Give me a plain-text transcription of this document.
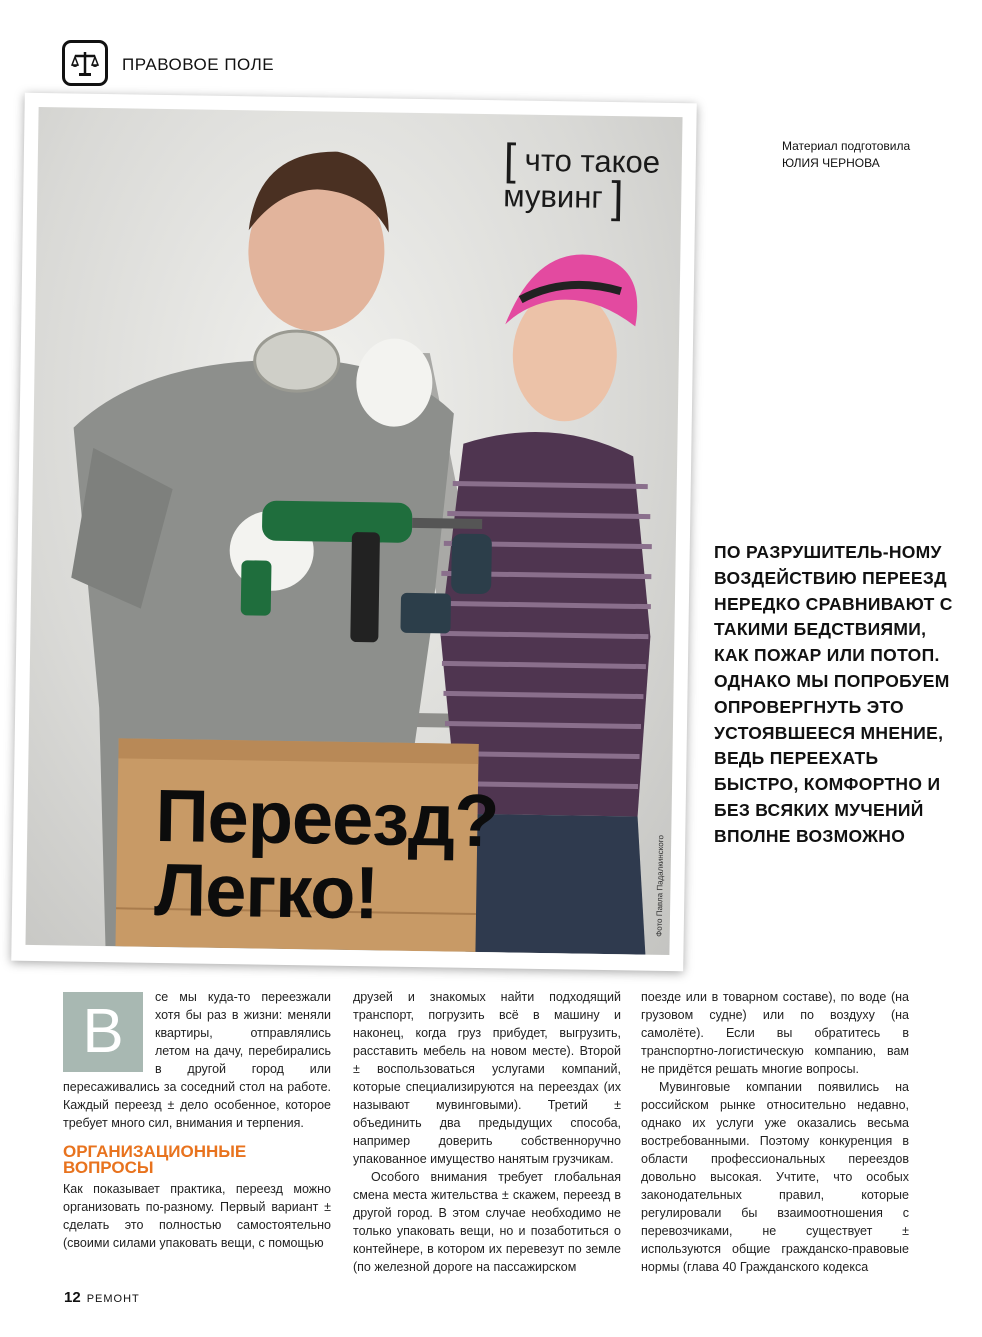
ПРАВОВОЕ ПОЛЕ
Материал подготовила
ЮЛИЯ ЧЕРНОВА
[ что такое
мувинг ]
Переезд?
Легко!	Фото Павла Падалкинского
ПО РАЗРУШИТЕЛЬ-НОМУ ВОЗДЕЙСТВИЮ ПЕРЕЕЗД НЕРЕДКО СРАВНИВАЮТ С ТАКИМИ БЕДСТВИЯМИ, КАК ПОЖАР ИЛИ ПОТОП. ОДНАКО МЫ ПОПРОБУЕМ ОПРОВЕРГНУТЬ ЭТО УСТОЯВШЕЕСЯ МНЕНИЕ, ВЕДЬ ПЕРЕЕХАТЬ БЫСТРО, КОМФОРТНО И БЕЗ ВСЯКИХ МУЧЕНИЙ ВПОЛНЕ ВОЗМОЖНО
В	се мы куда-то переезжали хотя бы раз в жизни: меняли квартиры, отправлялись летом на дачу, перебирались в другой город или пересаживались за соседний стол на работе. Каждый переезд ± дело особенное, которое требует много сил, внимания и терпения.

ОРГАНИЗАЦИОННЫЕ ВОПРОСЫ

Как показывает практика, переезд можно организовать по-разному. Первый вариант ± сделать это полностью самостоятельно (своими силами упаковать вещи, с помощью

друзей и знакомых найти подходящий транспорт, погрузить всё в машину и наконец, когда груз прибудет, выгрузить, расставить мебель на новом месте). Второй ± воспользоваться услугами компаний, которые специализируются на переездах (их называют мувинговыми). Третий ± объединить два предыдущих способа, например доверить собственноручно упакованное имущество нанятым грузчикам.

Особого внимания требует глобальная смена места жительства ± скажем, переезд в другой город. В этом случае необходимо не только упаковать вещи, но и позаботиться о контейнере, в котором их перевезут по земле (по железной дороге на пассажирском

поезде или в товарном составе), по воде (на грузовом судне) или по воздуху (на самолёте). Если вы обратитесь в транспортно-логистическую компанию, вам не придётся решать многие вопросы.

Мувинговые компании появились на российском рынке относительно недавно, однако их услуги уже оказались весьма востребованными. Поэтому конкуренция в области профессиональных переездов довольно высокая. Учтите, что особых законодательных правил, которые регулировали бы взаимоотношения с перевозчиками, не существует ± используются общие гражданско-правовые нормы (глава 40 Гражданского кодекса

12 РЕМОНТ
